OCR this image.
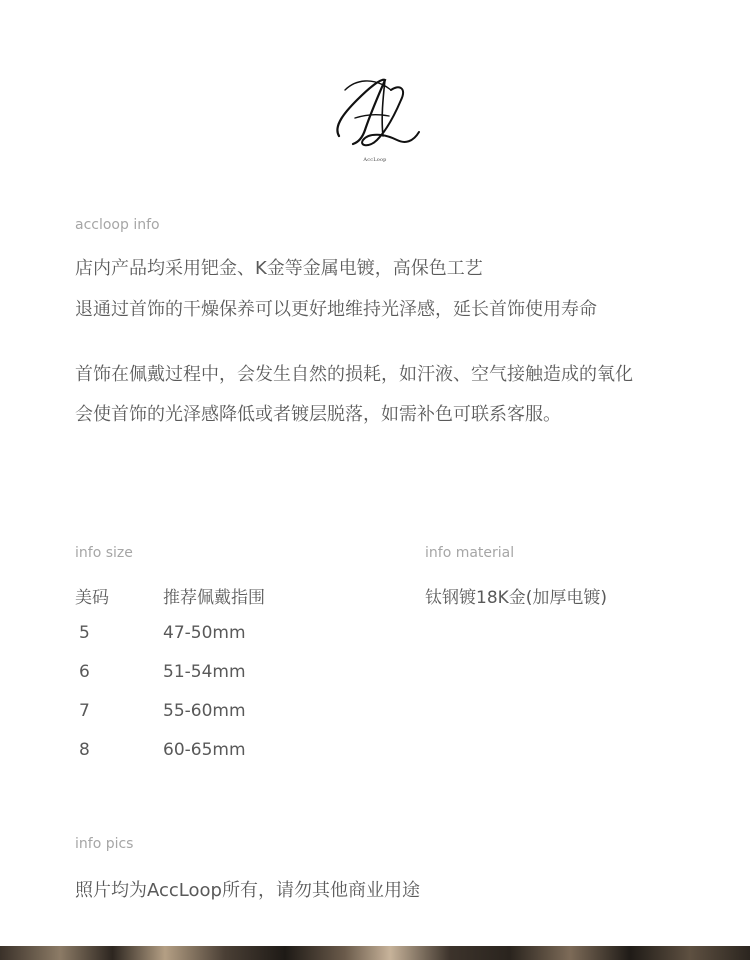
AccLoop
accloop info
店内产品均采用钯金、K金等金属电镀，高保色工艺
退通过首饰的干燥保养可以更好地维持光泽感，延长首饰使用寿命
首饰在佩戴过程中，会发生自然的损耗，如汗液、空气接触造成的氧化
会使首饰的光泽感降低或者镀层脱落，如需补色可联系客服。
info size
美码	推荐佩戴指围
5	47-50mm
6	51-54mm
7	55-60mm
8	60-65mm
info material
钛钢镀18K金(加厚电镀)
info pics
照片均为AccLoop所有，请勿其他商业用途
